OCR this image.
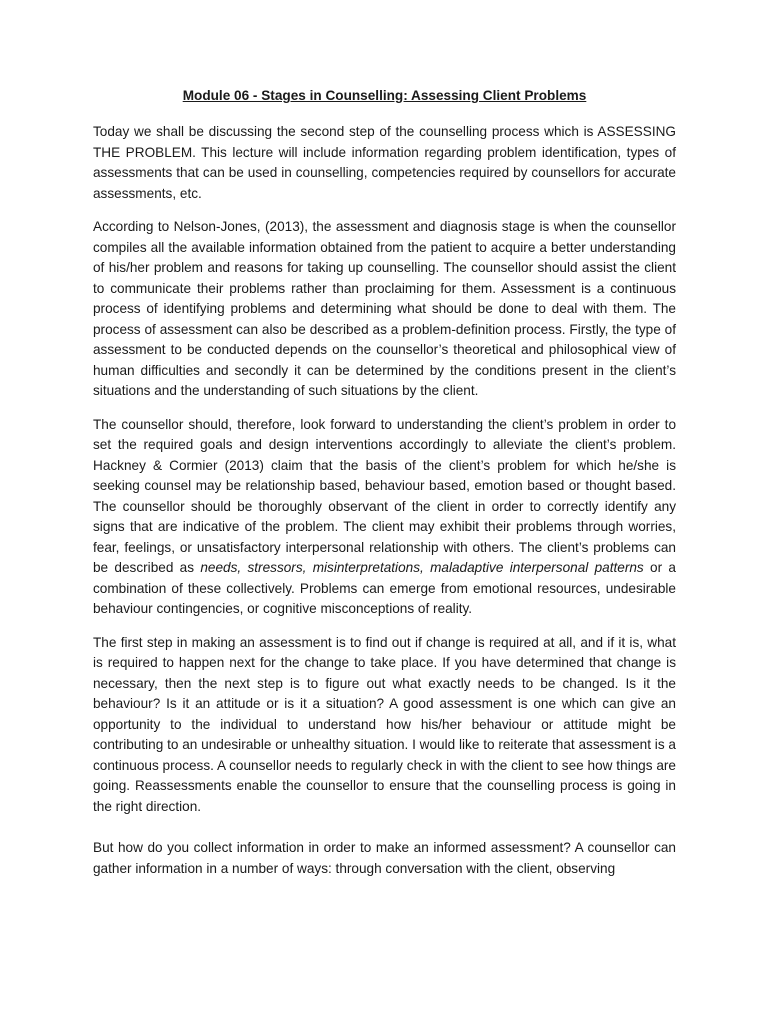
Module 06 - Stages in Counselling: Assessing Client Problems

Today we shall be discussing the second step of the counselling process which is ASSESSING THE PROBLEM. This lecture will include information regarding problem identification, types of assessments that can be used in counselling, competencies required by counsellors for accurate assessments, etc.

According to Nelson-Jones, (2013), the assessment and diagnosis stage is when the counsellor compiles all the available information obtained from the patient to acquire a better understanding of his/her problem and reasons for taking up counselling. The counsellor should assist the client to communicate their problems rather than proclaiming for them. Assessment is a continuous process of identifying problems and determining what should be done to deal with them. The process of assessment can also be described as a problem-definition process. Firstly, the type of assessment to be conducted depends on the counsellor’s theoretical and philosophical view of human difficulties and secondly it can be determined by the conditions present in the client’s situations and the understanding of such situations by the client.

The counsellor should, therefore, look forward to understanding the client’s problem in order to set the required goals and design interventions accordingly to alleviate the client’s problem. Hackney & Cormier (2013) claim that the basis of the client’s problem for which he/she is seeking counsel may be relationship based, behaviour based, emotion based or thought based. The counsellor should be thoroughly observant of the client in order to correctly identify any signs that are indicative of the problem. The client may exhibit their problems through worries, fear, feelings, or unsatisfactory interpersonal relationship with others. The client’s problems can be described as needs, stressors, misinterpretations, maladaptive interpersonal patterns or a combination of these collectively. Problems can emerge from emotional resources, undesirable behaviour contingencies, or cognitive misconceptions of reality.

The first step in making an assessment is to find out if change is required at all, and if it is, what is required to happen next for the change to take place. If you have determined that change is necessary, then the next step is to figure out what exactly needs to be changed. Is it the behaviour? Is it an attitude or is it a situation? A good assessment is one which can give an opportunity to the individual to understand how his/her behaviour or attitude might be contributing to an undesirable or unhealthy situation. I would like to reiterate that assessment is a continuous process. A counsellor needs to regularly check in with the client to see how things are going. Reassessments enable the counsellor to ensure that the counselling process is going in the right direction.

But how do you collect information in order to make an informed assessment? A counsellor can gather information in a number of ways: through conversation with the client, observing
